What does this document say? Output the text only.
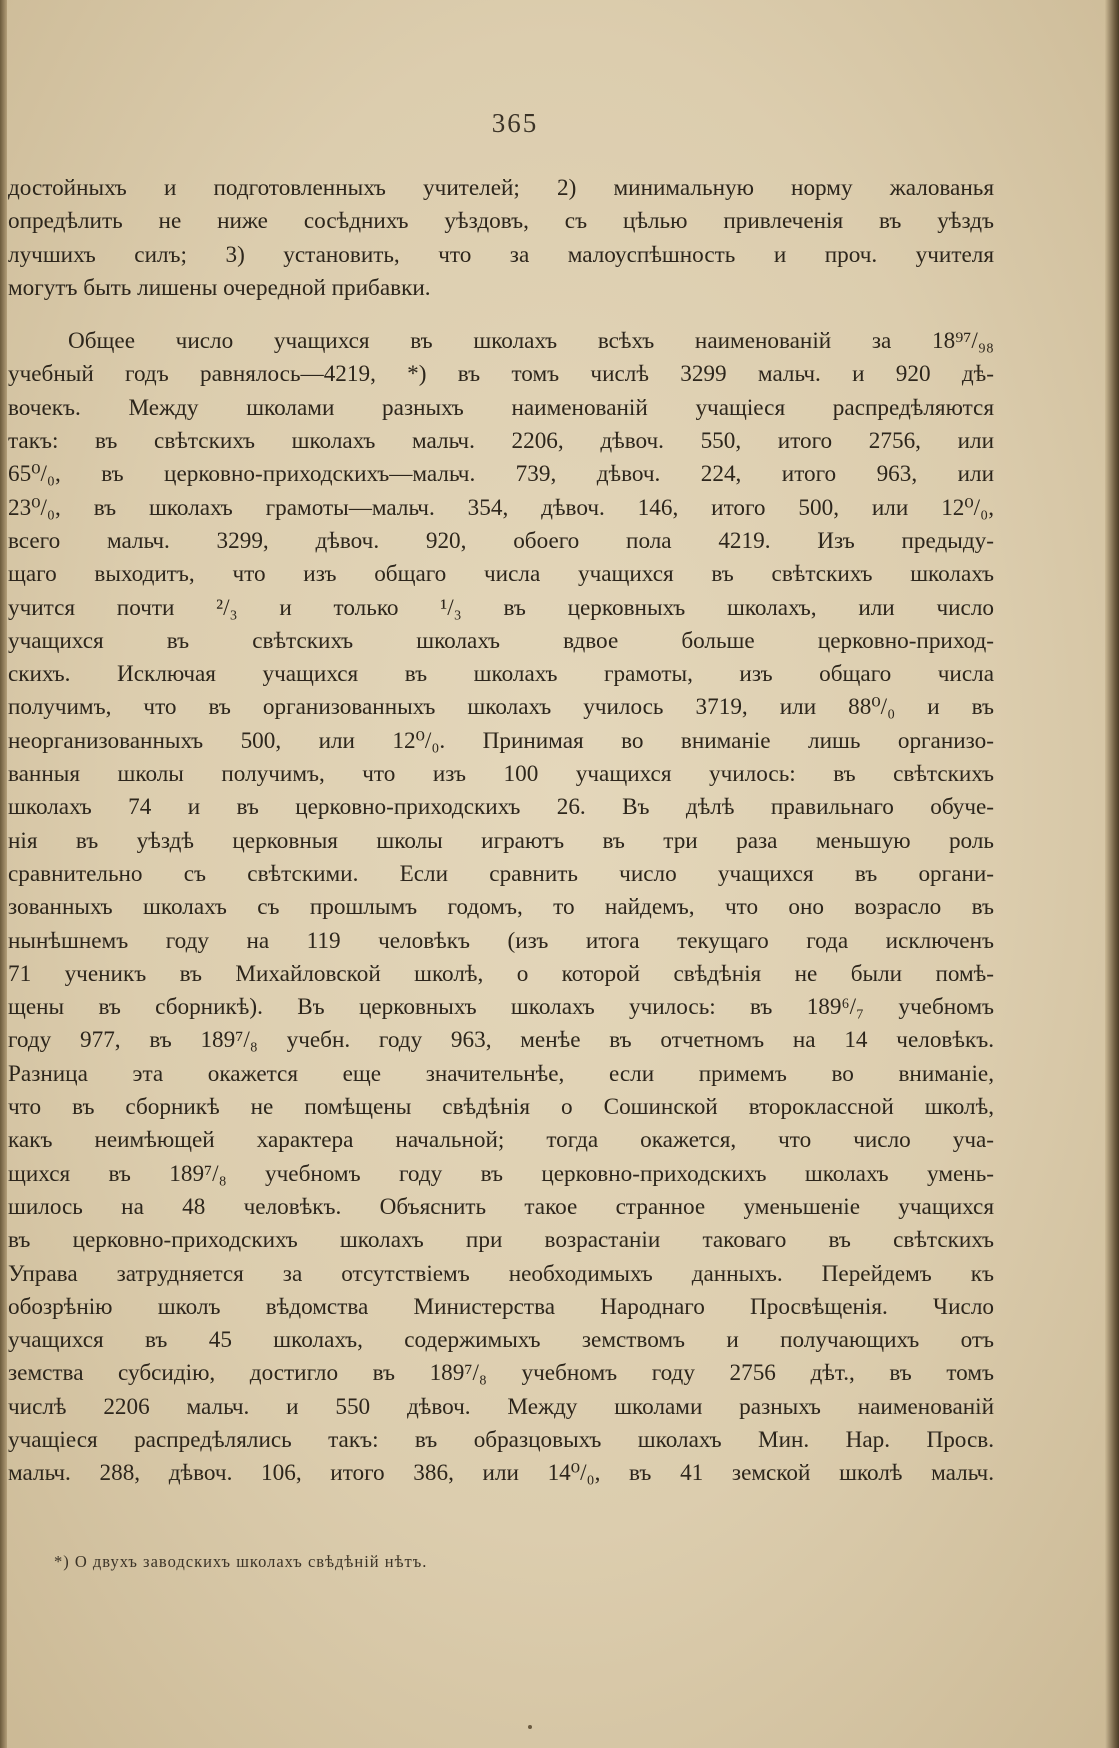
365
достойныхъ и подготовленныхъ учителей; 2) минимальную норму жалованья
опредѣлить не ниже сосѣднихъ уѣздовъ, съ цѣлью привлеченія въ уѣздъ
лучшихъ силъ; 3) установить, что за малоуспѣшность и проч. учителя
могутъ быть лишены очередной прибавки.
Общее число учащихся въ школахъ всѣхъ наименованій за 18⁹⁷/₉₈
учебный годъ равнялось—4219, *) въ томъ числѣ 3299 мальч. и 920 дѣ-
вочекъ. Между школами разныхъ наименованій учащіеся распредѣляются
такъ: въ свѣтскихъ школахъ мальч. 2206, дѣвоч. 550, итого 2756, или
65⁰/₀, въ церковно-приходскихъ—мальч. 739, дѣвоч. 224, итого 963, или
23⁰/₀, въ школахъ грамоты—мальч. 354, дѣвоч. 146, итого 500, или 12⁰/₀,
всего мальч. 3299, дѣвоч. 920, обоего пола 4219. Изъ предыду-
щаго выходитъ, что изъ общаго числа учащихся въ свѣтскихъ школахъ
учится почти ²/₃ и только ¹/₃ въ церковныхъ школахъ, или число
учащихся въ свѣтскихъ школахъ вдвое больше церковно-приход-
скихъ. Исключая учащихся въ школахъ грамоты, изъ общаго числа
получимъ, что въ организованныхъ школахъ училось 3719, или 88⁰/₀ и въ
неорганизованныхъ 500, или 12⁰/₀. Принимая во вниманіе лишь организо-
ванныя школы получимъ, что изъ 100 учащихся училось: въ свѣтскихъ
школахъ 74 и въ церковно-приходскихъ 26. Въ дѣлѣ правильнаго обуче-
нія въ уѣздѣ церковныя школы играютъ въ три раза меньшую роль
сравнительно съ свѣтскими. Если сравнить число учащихся въ органи-
зованныхъ школахъ съ прошлымъ годомъ, то найдемъ, что оно возрасло въ
нынѣшнемъ году на 119 человѣкъ (изъ итога текущаго года исключенъ
71 ученикъ въ Михайловской школѣ, о которой свѣдѣнія не были помѣ-
щены въ сборникѣ). Въ церковныхъ школахъ училось: въ 189⁶/₇ учебномъ
году 977, въ 189⁷/₈ учебн. году 963, менѣе въ отчетномъ на 14 человѣкъ.
Разница эта окажется еще значительнѣе, если примемъ во вниманіе,
что въ сборникѣ не помѣщены свѣдѣнія о Сошинской второклассной школѣ,
какъ неимѣющей характера начальной; тогда окажется, что число уча-
щихся въ 189⁷/₈ учебномъ году въ церковно-приходскихъ школахъ умень-
шилось на 48 человѣкъ. Объяснить такое странное уменьшеніе учащихся
въ церковно-приходскихъ школахъ при возрастаніи таковаго въ свѣтскихъ
Управа затрудняется за отсутствіемъ необходимыхъ данныхъ. Перейдемъ къ
обозрѣнію школъ вѣдомства Министерства Народнаго Просвѣщенія. Число
учащихся въ 45 школахъ, содержимыхъ земствомъ и получающихъ отъ
земства субсидію, достигло въ 189⁷/₈ учебномъ году 2756 дѣт., въ томъ
числѣ 2206 мальч. и 550 дѣвоч. Между школами разныхъ наименованій
учащіеся распредѣлялись такъ: въ образцовыхъ школахъ Мин. Нар. Просв.
мальч. 288, дѣвоч. 106, итого 386, или 14⁰/₀, въ 41 земской школѣ мальч.
*) О двухъ заводскихъ школахъ свѣдѣній нѣтъ.
